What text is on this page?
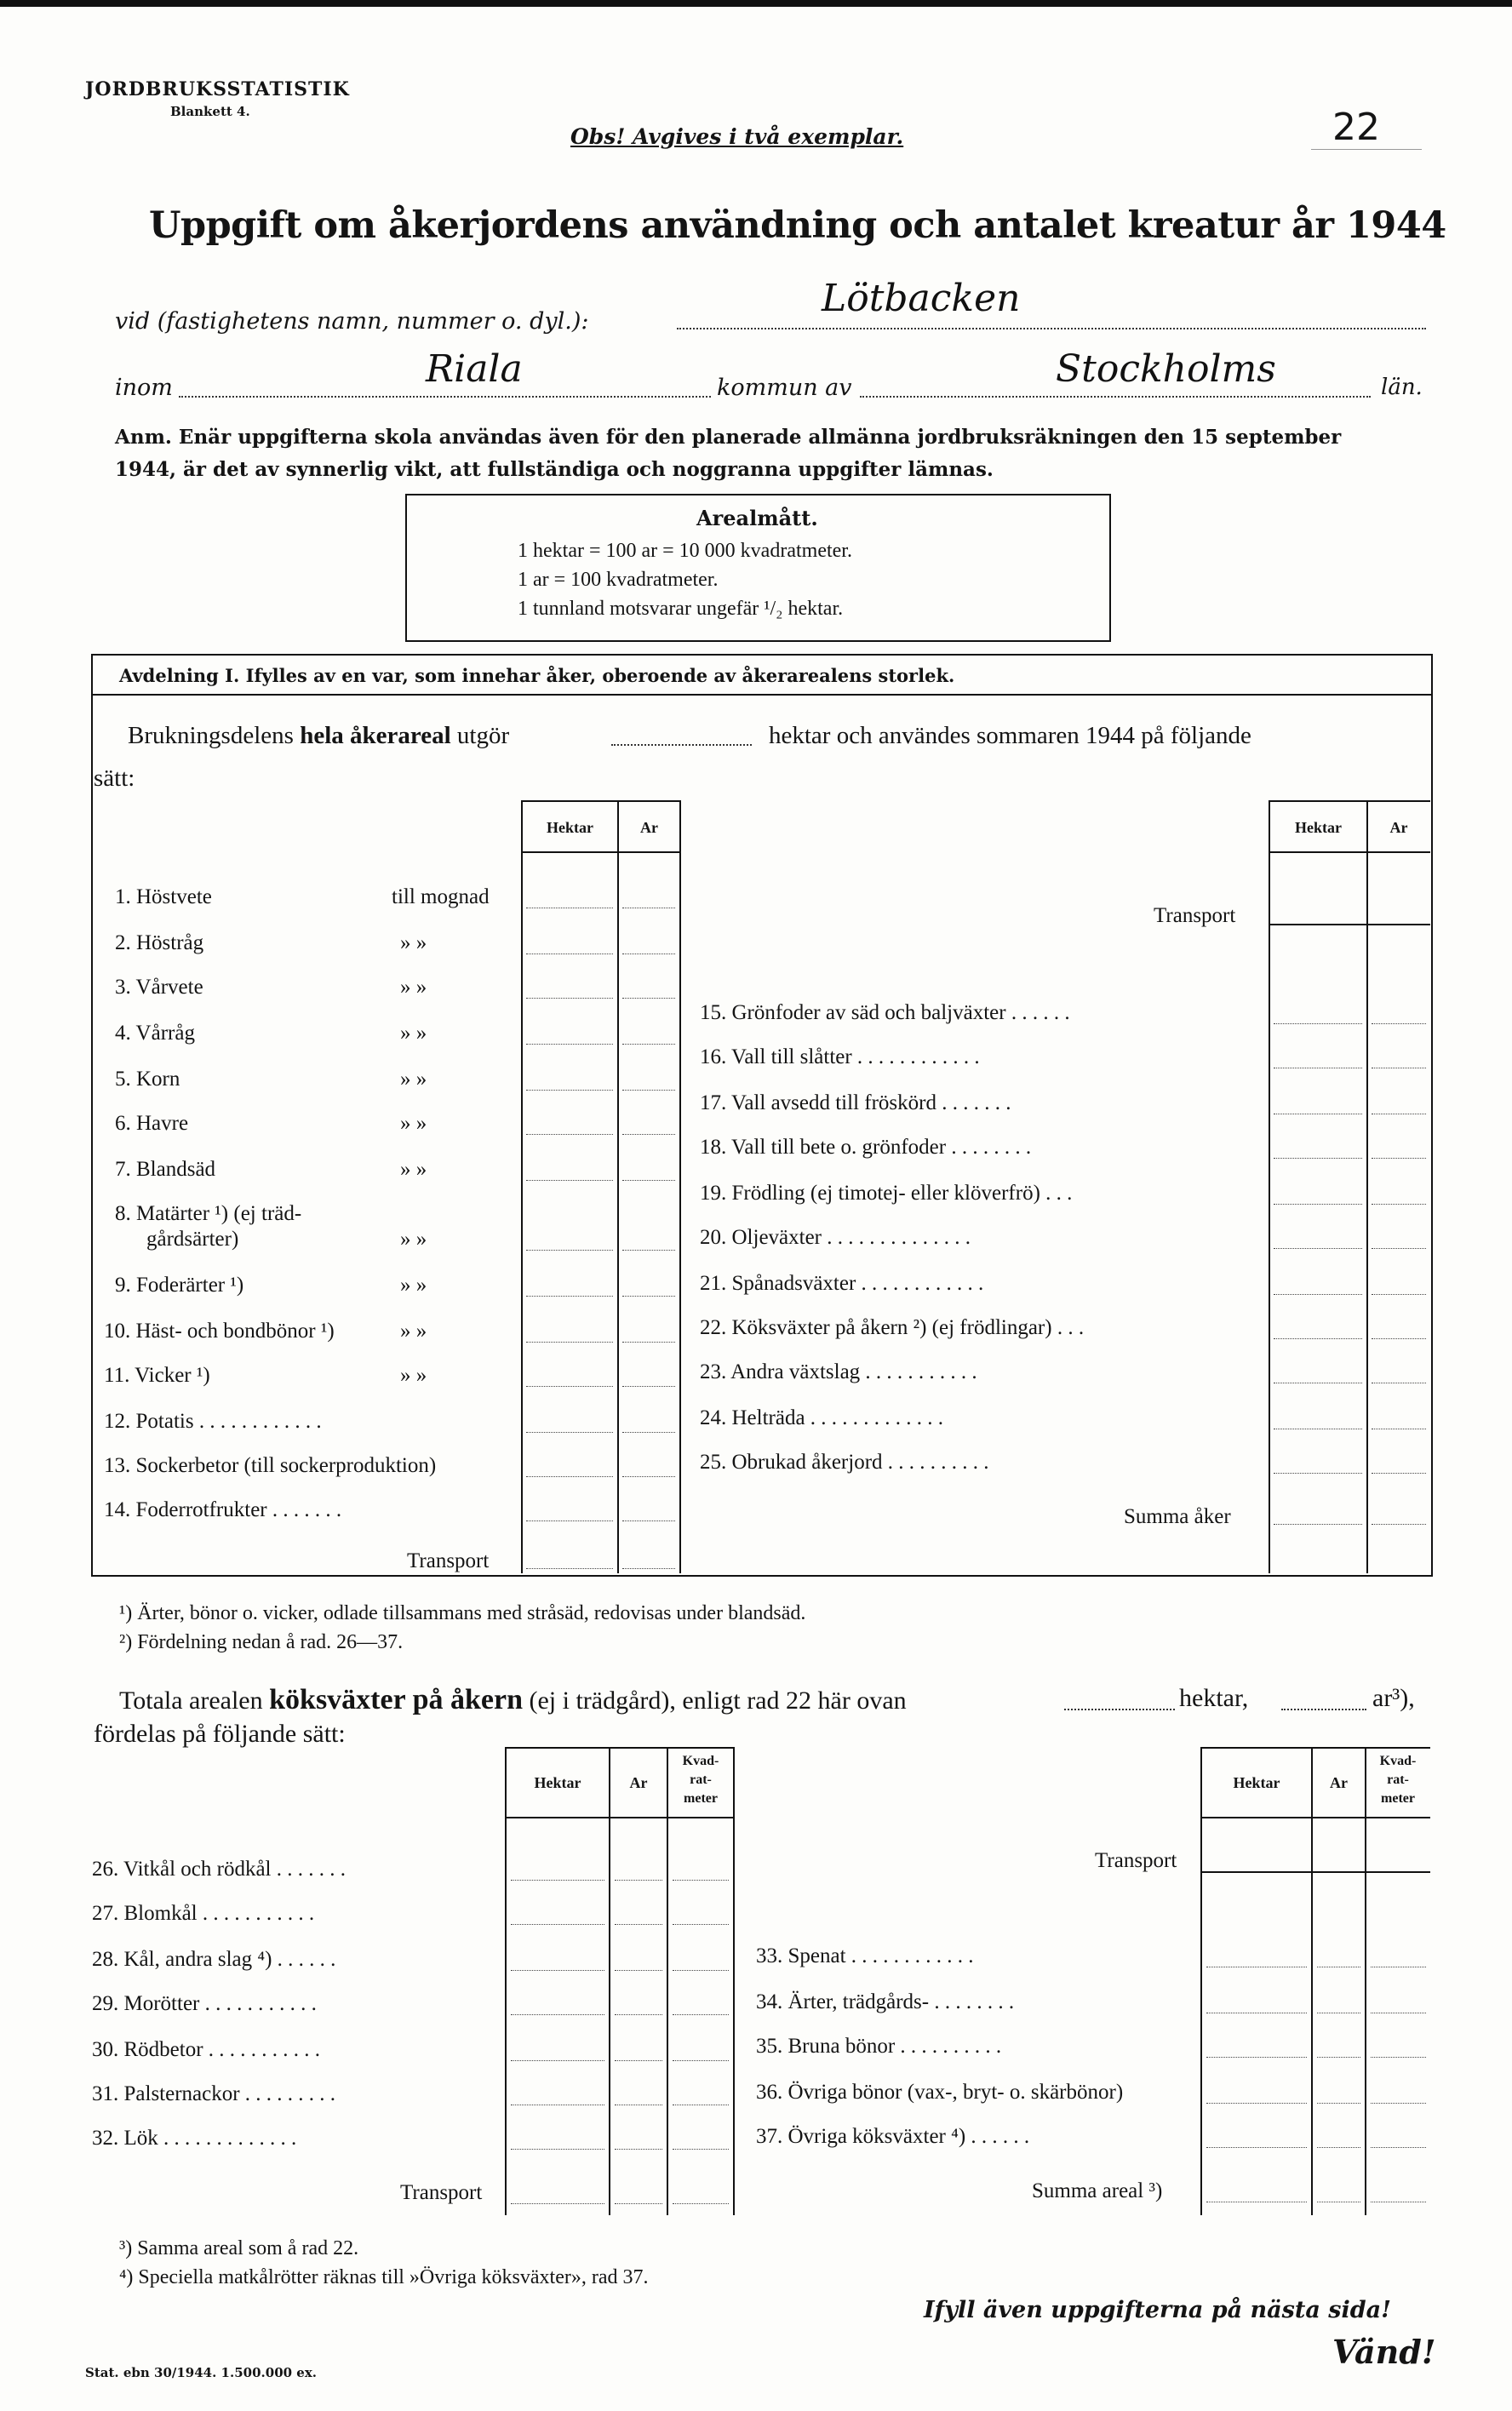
JORDBRUKSSTATISTIK
Blankett 4.
Obs! Avgives i två exemplar.	22
Uppgift om åkerjordens användning och antalet kreatur år 1944
vid (fastighetens namn, nummer o. dyl.):
Lötbacken
inom	Riala	kommun av	Stockholms	län.
Anm. Enär uppgifterna skola användas även för den planerade allmänna jordbruksräkningen den 15 september
1944, är det av synnerlig vikt, att fullständiga och noggranna uppgifter lämnas.
Arealmått.
1 hektar = 100 ar = 10 000 kvadratmeter.
1 ar = 100 kvadratmeter.
1 tunnland motsvarar ungefär ¹/₂ hektar.
Avdelning I. Ifylles av en var, som innehar åker, oberoende av åkerarealens storlek.
Brukningsdelens hela åkerareal utgör	hektar och användes sommaren 1944 på följande
sätt:
Hektar	Ar	Hektar	Ar
1. Höstvete	till mognad
2. Höstråg	» »
3. Vårvete	» »
4. Vårråg	» »
5. Korn	» »
6. Havre	» »
7. Blandsäd	» »
8. Matärter ¹) (ej träd-
gårdsärter)	» »
9. Foderärter ¹)	» »
10. Häst- och bondbönor ¹)	» »
11. Vicker ¹)	» »
12. Potatis . . . . . . . . . . . .
13. Sockerbetor (till sockerproduktion)
14. Foderrotfrukter . . . . . . .
Transport
Transport
15. Grönfoder av säd och baljväxter . . . . . .
16. Vall till slåtter . . . . . . . . . . . .
17. Vall avsedd till fröskörd . . . . . . .
18. Vall till bete o. grönfoder . . . . . . . .
19. Frödling (ej timotej- eller klöverfrö) . . .
20. Oljeväxter . . . . . . . . . . . . . .
21. Spånadsväxter . . . . . . . . . . . .
22. Köksväxter på åkern ²) (ej frödlingar) . . .
23. Andra växtslag . . . . . . . . . . .
24. Helträda . . . . . . . . . . . . .
25. Obrukad åkerjord . . . . . . . . . .
Summa åker
¹) Ärter, bönor o. vicker, odlade tillsammans med stråsäd, redovisas under blandsäd.
²) Fördelning nedan å rad. 26—37.
Totala arealen köksväxter på åkern (ej i trädgård), enligt rad 22 här ovan	hektar,	ar³),
fördelas på följande sätt:
Hektar	Ar
Kvad-
rat-
meter
Hektar	Ar
Kvad-
rat-
meter
26. Vitkål och rödkål . . . . . . .
27. Blomkål . . . . . . . . . . .
28. Kål, andra slag ⁴) . . . . . .
29. Morötter . . . . . . . . . . .
30. Rödbetor . . . . . . . . . . .
31. Palsternackor . . . . . . . . .
32. Lök . . . . . . . . . . . . .
Transport
Transport
33. Spenat . . . . . . . . . . . .
34. Ärter, trädgårds- . . . . . . . .
35. Bruna bönor . . . . . . . . . .
36. Övriga bönor (vax-, bryt- o. skärbönor)
37. Övriga köksväxter ⁴) . . . . . .
Summa areal ³)
³) Samma areal som å rad 22.
⁴) Speciella matkålrötter räknas till »Övriga köksväxter», rad 37.
Ifyll även uppgifterna på nästa sida!
Vänd!
Stat. ebn 30/1944. 1.500.000 ex.
